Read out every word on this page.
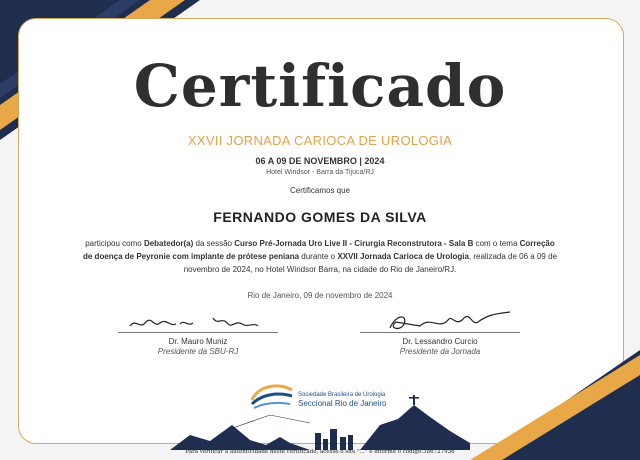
Certificado
XXVII JORNADA CARIOCA DE UROLOGIA
06 A 09 DE NOVEMBRO | 2024
Hotel Windsor - Barra da Tijuca/RJ
Certificamos que
FERNANDO GOMES DA SILVA
participou como Debatedor(a) da sessão Curso Pré-Jornada Uro Live II - Cirurgia Reconstrutora - Sala B com o tema Correção de doença de Peyronie com implante de prótese peniana durante o XXVII Jornada Carioca de Urologia, realizada de 06 a 09 de novembro de 2024, no Hotel Windsor Barra, na cidade do Rio de Janeiro/RJ.
Rio de Janeiro, 09 de novembro de 2024
Dr. Mauro Muniz
Presidente da SBU-RJ
Dr. Lessandro Curcio
Presidente da Jornada
Sociedade Brasileira de Urologia
Seccional Rio de Janeiro
Para verificar a autenticidade deste certificado, acesse o site "..." e informe o código:386727936
